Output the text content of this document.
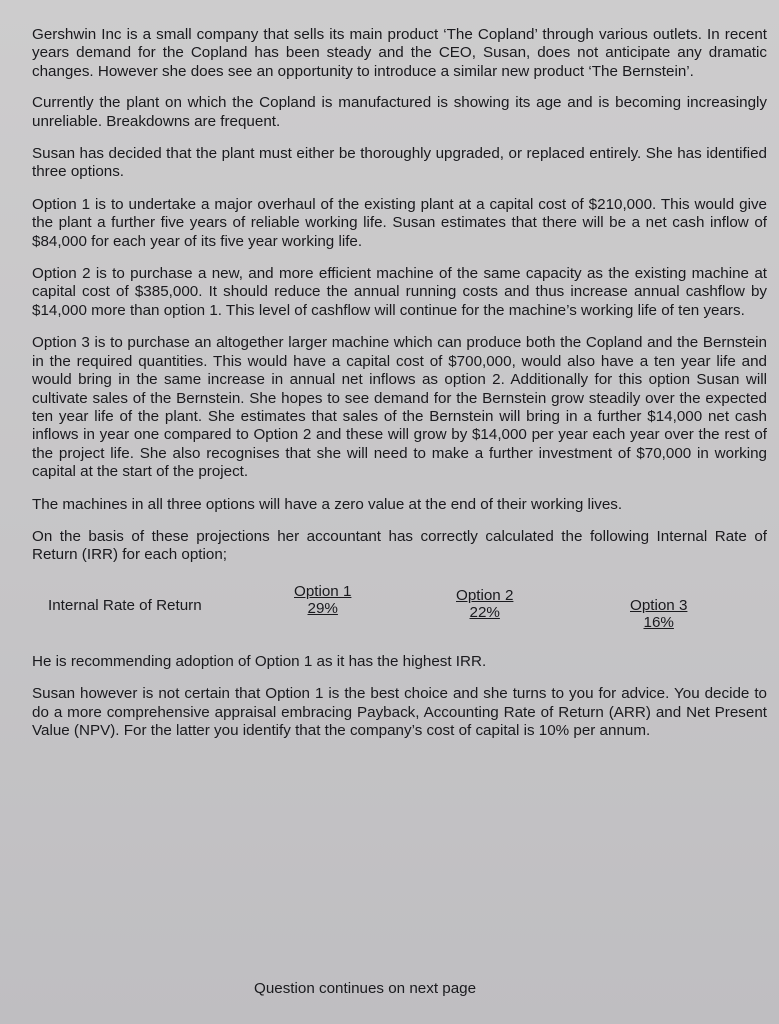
Gershwin Inc is a small company that sells its main product ‘The Copland’ through various outlets. In recent years demand for the Copland has been steady and the CEO, Susan, does not anticipate any dramatic changes. However she does see an opportunity to introduce a similar new product ‘The Bernstein’.

Currently the plant on which the Copland is manufactured is showing its age and is becoming increasingly unreliable. Breakdowns are frequent.

Susan has decided that the plant must either be thoroughly upgraded, or replaced entirely. She has identified three options.

Option 1 is to undertake a major overhaul of the existing plant at a capital cost of $210,000. This would give the plant a further five years of reliable working life. Susan estimates that there will be a net cash inflow of $84,000 for each year of its five year working life.

Option 2 is to purchase a new, and more efficient machine of the same capacity as the existing machine at capital cost of $385,000. It should reduce the annual running costs and thus increase annual cashflow by $14,000 more than option 1. This level of cashflow will continue for the machine’s working life of ten years.

Option 3 is to purchase an altogether larger machine which can produce both the Copland and the Bernstein in the required quantities. This would have a capital cost of $700,000, would also have a ten year life and would bring in the same increase in annual net inflows as option 2. Additionally for this option Susan will cultivate sales of the Bernstein. She hopes to see demand for the Bernstein grow steadily over the expected ten year life of the plant. She estimates that sales of the Bernstein will bring in a further $14,000 net cash inflows in year one compared to Option 2 and these will grow by $14,000 per year each year over the rest of the project life. She also recognises that she will need to make a further investment of $70,000 in working capital at the start of the project.

The machines in all three options will have a zero value at the end of their working lives.

On the basis of these projections her accountant has correctly calculated the following Internal Rate of Return (IRR) for each option;

Internal Rate of Return
Option 1
29%
Option 2
22%	Option 3
16%

He is recommending adoption of Option 1 as it has the highest IRR.

Susan however is not certain that Option 1 is the best choice and she turns to you for advice. You decide to do a more comprehensive appraisal embracing Payback, Accounting Rate of Return (ARR) and Net Present Value (NPV). For the latter you identify that the company’s cost of capital is 10% per annum.

Question continues on next page
